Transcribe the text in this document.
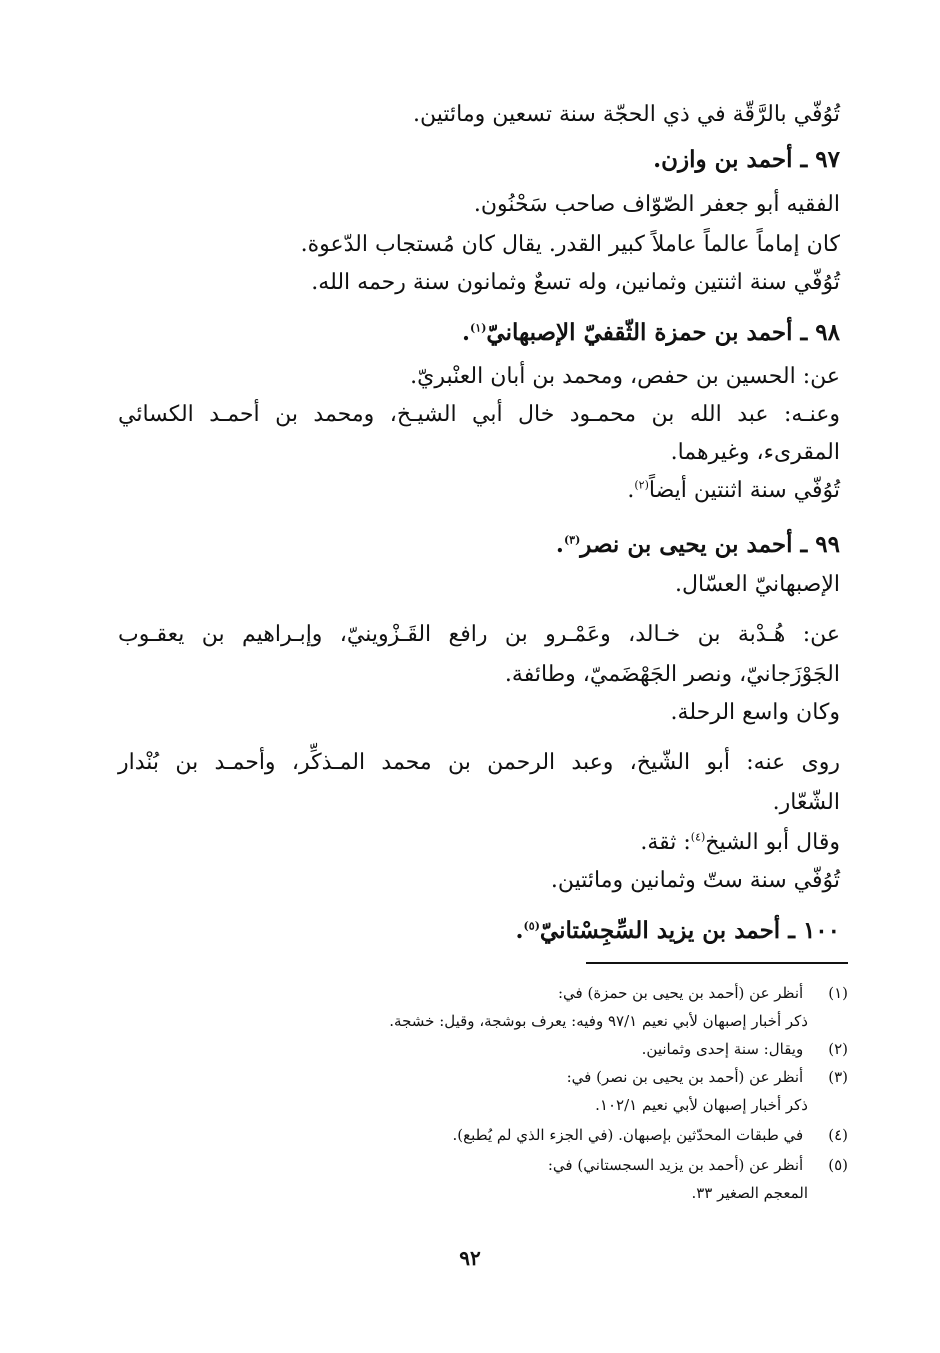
تُوُفّي بالرَّقّة في ذي الحجّة سنة تسعين ومائتين.
٩٧ ـ أحمد بن وازن.
الفقيه أبو جعفر الصّوّاف صاحب سَحْنُون.
كان إماماً عالماً عاملاً كبير القدر. يقال كان مُستجاب الدّعوة.
تُوُفّي سنة اثنتين وثمانين، وله تسعٌ وثمانون سنة رحمه الله.
٩٨ ـ أحمد بن حمزة الثّقفيّ الإصبهانيّ$^{(١)}$.
عن: الحسين بن حفص، ومحمد بن أبان العنْبريّ.
وعنـه: عبد الله بن محمـود خال أبي الشيـخ، ومحمد بن أحمـد الكسائي
المقرىء، وغيرهما.
تُوُفّي سنة اثنتين أيضاً$^{(٢)}$.
٩٩ ـ أحمد بن يحيى بن نصر$^{(٣)}$.
الإصبهانيّ العسّال.
عن: هُـدْبة بن خـالد، وعَمْـرو بن رافع القَـزْوينيّ، وإبـراهيم بن يعقـوب
الجَوْزَجانيّ، ونصر الجَهْضَميّ، وطائفة.
وكان واسع الرحلة.
روى عنه: أبو الشّيخ، وعبد الرحمن بن محمد المـذكِّر، وأحمـد بن بُنْدار
الشّعّار.
وقال أبو الشيخ$^{(٤)}$: ثقة.
تُوُفّي سنة ستّ وثمانين ومائتين.
١٠٠ ـ أحمد بن يزيد السِّجِسْتانيّ$^{(٥)}$.
(١) أنظر عن (أحمد بن يحيى بن حمزة) في:
ذكر أخبار إصبهان لأبي نعيم ٩٧/١ وفيه: يعرف بوشجة، وقيل: خشجة.
(٢) ويقال: سنة إحدى وثمانين.
(٣) أنظر عن (أحمد بن يحيى بن نصر) في:
ذكر أخبار إصبهان لأبي نعيم ١٠٢/١.
(٤) في طبقات المحدّثين بإصبهان. (في الجزء الذي لم يُطبع).
(٥) أنظر عن (أحمد بن يزيد السجستاني) في:
المعجم الصغير ٣٣.
٩٢
